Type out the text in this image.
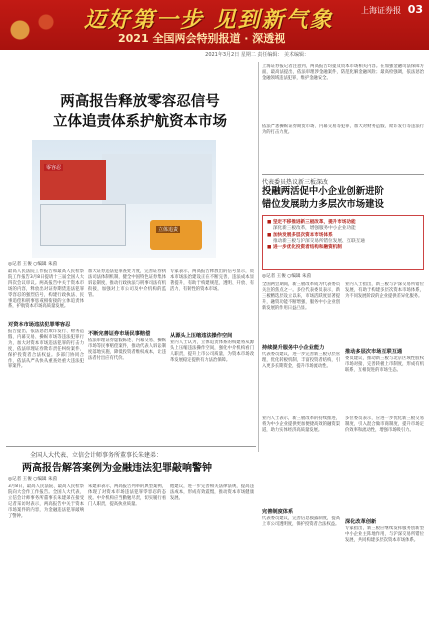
迈好第一步 见到新气象
2021 全国两会特别报道 · 深透视
上海证券报 03
2021年3月2日 星期二 责任编辑： 美术编辑：
两高报告释放零容忍信号
立体追责体系护航资本市场
零容忍
立体追责
◎记者 王俊 ○编辑 朱茵
最高人民法院工作报告和最高人民检察院工作报告3月8日提请十三届全国人大四次会议审议。两高报告中关于资本市场的内容，释放出对证券期货违法犯罪零容忍的强烈信号，构建行政执法、民事追偿和刑事惩戒相衔接的立体追责体系，护航资本市场高质量发展。
对资本市场违法犯罪零容忍
报告提出，依法惩治欺诈发行、财务造假、内幕交易、操纵市场等违法犯罪行为，加大对资本市场违法犯罪的打击力度，依法审理证券欺诈责任纠纷案件，保护投资者合法权益。多部门协同合作，依法从严从快从重查处重大违法犯罪案件。
加大证券违法犯罪查处力度，完善证券执法司法体制机制，健全中国特色证券集体诉讼制度，推动行政执法与刑事司法有机衔接，加强对上市公司及中介机构的监管。
不断完善证券市场民事赔偿
依法审理证券虚假陈述、内幕交易、操纵市场等民事赔偿案件，推动代表人诉讼制度落地实施，降低投资者维权成本，让违法者付出应有代价。
专家表示，两高报告释放出的信号显示，资本市场法治建设正在不断完善，违法成本显著提升，有助于构建规范、透明、开放、有活力、有韧性的资本市场。
从源头上压缩违法操作空间
业内人士认为，立体追责体系的构建将从源头上压缩违法操作空间，强化中介机构看门人职责，提升上市公司质量，为资本市场改革发展稳定提供有力法治保障。
上海证券报记者注意到，两高报告均提及资本市场相关内容。在加强金融司法保障方面，最高法提出，依法审理涉金融案件，防范化解金融风险；最高检强调，依法惩治金融领域违法犯罪，维护金融安全。
依法严惩操纵证券期货市场、内幕交易等犯罪，加大对财务造假、欺诈发行等违法行为的打击力度。
代表委员热议新三板深改
投融两活促中小企业创新进阶
错位发展助力多层次市场建设
■ 坚定不移推进新三板改革，提升市场功能
深化新三板改革，增强服务中小企业功能
■ 加快发展多层次资本市场体系
推动新三板与沪深交易所错位发展、互联互通
■ 进一步优化投资者结构和融资机制
◎记者 王俊 ○编辑 朱茵
全国两会期间，新三板改革成为代表委员关注的焦点之一。多位代表委员表示，新三板精选层设立以来，市场活跃度显著提升，融资功能不断增强，服务中小企业创新发展的作用日益凸显。
持续提升服务中小企业能力
代表委员建议，进一步完善新三板分层管理，优化转板机制，丰富投资者结构，引入更多长期资金，提升市场流动性。
业内人士指出，新三板与沪深交易所错位发展，有助于构建多层次资本市场体系，为不同发展阶段的企业提供差异化服务。
推动多层次市场互联互通
委员建议，推动新三板与北京区域性股权市场对接，完善转板上市制度，形成有机联系、互相促进的市场生态。
全国人大代表、立信会计师事务所董事长朱建弟：
两高报告解答案例为金融违法犯罪敲响警钟
◎记者 王俊 ○编辑 朱茵
3月8日，最高人民法院、最高人民检察院向大会作工作报告。全国人大代表、立信会计师事务所董事长朱建弟在接受记者采访时表示，两高报告中关于资本市场案件的内容，为金融违法犯罪敲响了警钟。
朱建弟表示，两高报告列举的典型案例，体现了对资本市场违法犯罪零容忍的态度。中介机构应当勤勉尽责，切实履行看门人职责，提高执业质量。
他建议，进一步完善相关法律法规，提高违法成本，形成有效震慑，推动资本市场健康发展。
业内人士表示，新三板改革的持续推进，将为中小企业提供更加便捷高效的融资渠道，助力实体经济高质量发展。
完善制度体系
代表委员建议，完善信息披露制度，提高上市公司透明度，保护投资者合法权益。
多位委员表示，应进一步优化新三板交易制度，引入混合做市商制度，提升市场定价效率和流动性，增强市场吸引力。
深化改革创新
专家指出，新三板应继续发挥服务创新型中小企业主阵地作用，与沪深交易所错位发展，共同构建多层次资本市场体系。
